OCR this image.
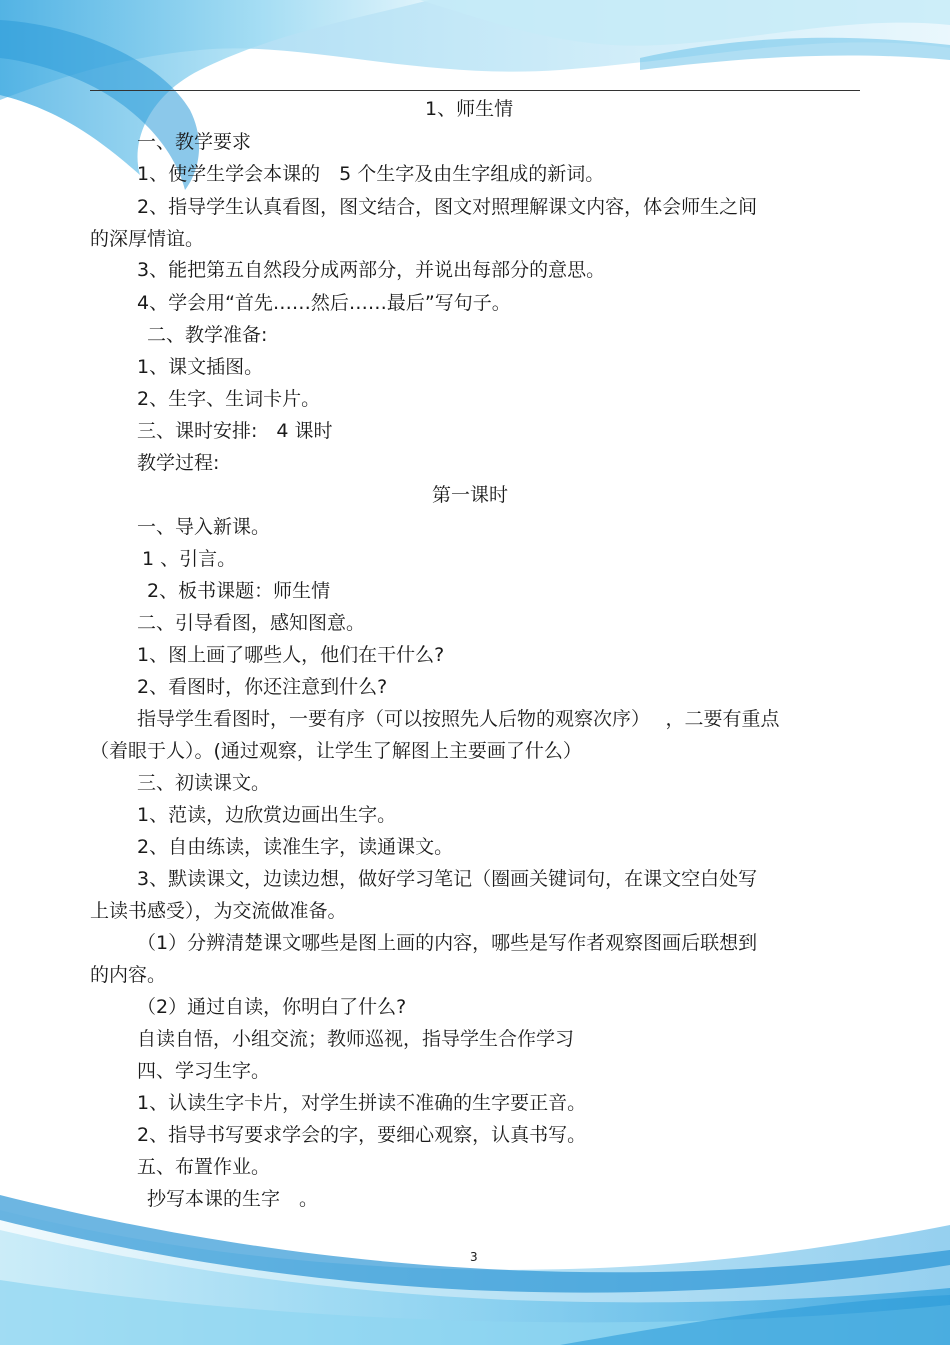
1、师生情
一、教学要求
1、使学生学会本课的　5 个生字及由生字组成的新词。
2、指导学生认真看图，图文结合，图文对照理解课文内容，体会师生之间
的深厚情谊。
3、能把第五自然段分成两部分，并说出每部分的意思。
4、学会用“首先……然后……最后”写句子。
二、教学准备:
1、课文插图。
2、生字、生词卡片。
三、课时安排:　4 课时
教学过程:
第一课时
一、导入新课。
1 、引言。
2、板书课题：师生情
二、引导看图，感知图意。
1、图上画了哪些人，他们在干什么?
2、看图时，你还注意到什么?
指导学生看图时，一要有序（可以按照先人后物的观察次序）　 ，二要有重点
（着眼于人）。(通过观察，让学生了解图上主要画了什么）
三、初读课文。
1、范读，边欣赏边画出生字。
2、自由练读，读准生字，读通课文。
3、默读课文，边读边想，做好学习笔记（圈画关键词句，在课文空白处写
上读书感受），为交流做准备。
（1）分辨清楚课文哪些是图上画的内容，哪些是写作者观察图画后联想到
的内容。
（2）通过自读，你明白了什么?
自读自悟，小组交流；教师巡视，指导学生合作学习
四、学习生字。
1、认读生字卡片，对学生拼读不准确的生字要正音。
2、指导书写要求学会的字，要细心观察，认真书写。
五、布置作业。
抄写本课的生字　。
3
